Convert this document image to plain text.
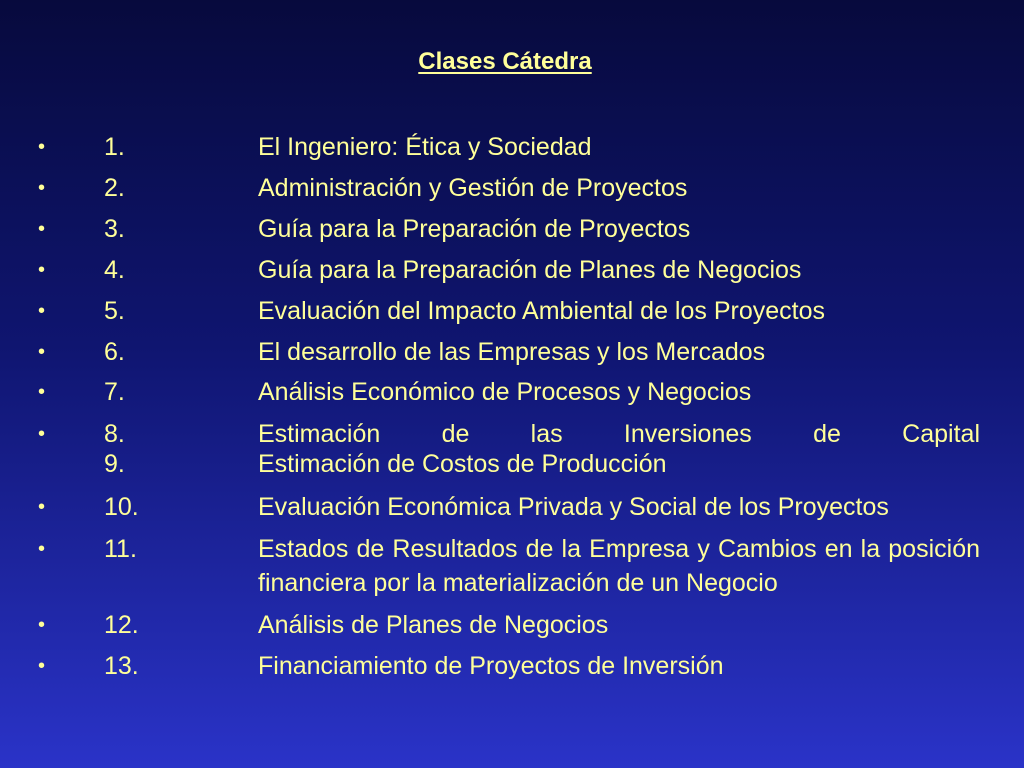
Clases Cátedra
• 1.	El Ingeniero: Ética y Sociedad
• 2.	Administración y Gestión de Proyectos
• 3.	Guía para la Preparación de Proyectos
• 4.	Guía para la Preparación de Planes de Negocios
• 5.	Evaluación del Impacto Ambiental de los Proyectos
• 6.	El desarrollo de las Empresas y los Mercados
• 7.	Análisis Económico de Procesos y Negocios
• 8.	Estimación de las Inversiones de Capital
9.	Estimación de Costos de Producción
• 10.	Evaluación Económica Privada y Social de los Proyectos
• 11.	Estados de Resultados de la Empresa y Cambios en la posición financiera por la materialización de un Negocio
• 12.	Análisis de Planes de Negocios
• 13.	Financiamiento de Proyectos de Inversión
